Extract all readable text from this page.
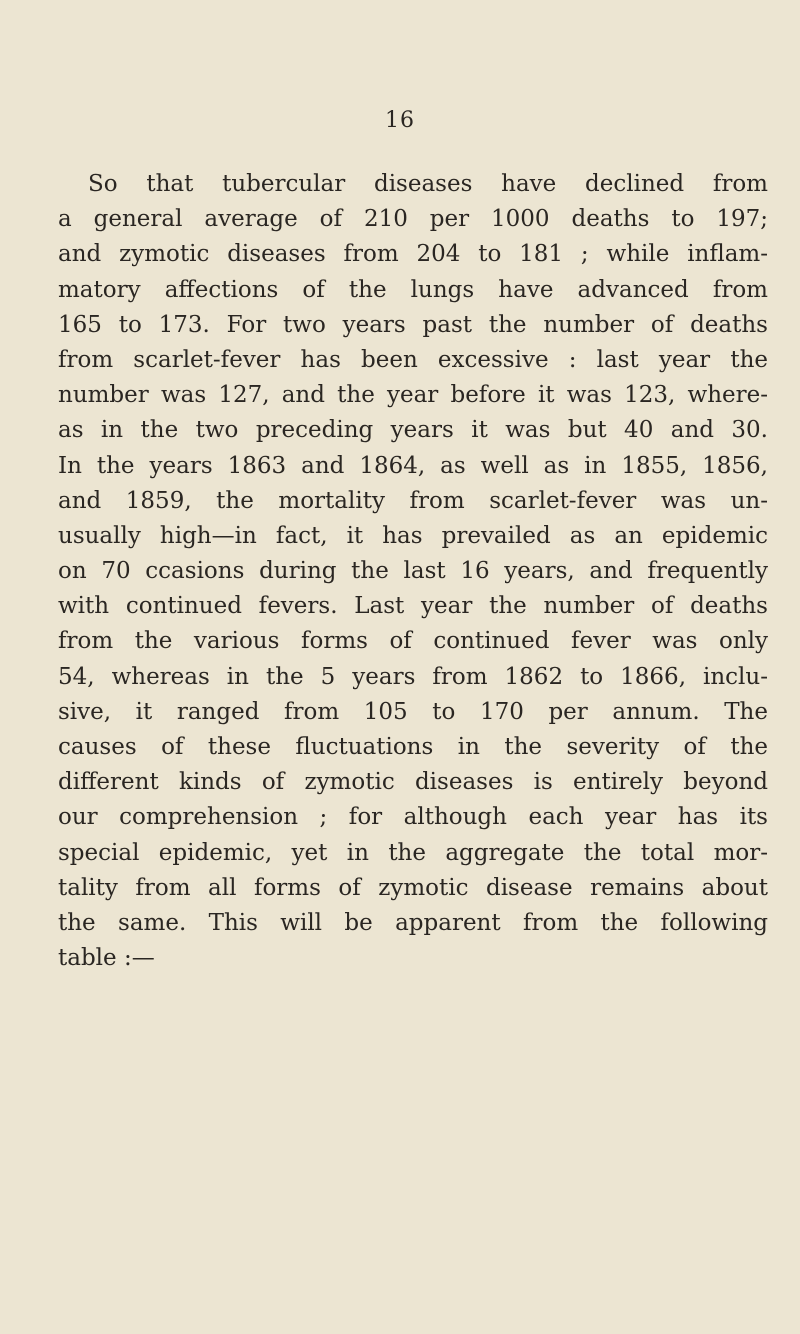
16
So that tubercular diseases have declined from
a general average of 210 per 1000 deaths to 197;
and zymotic diseases from 204 to 181 ; while inflam-
matory affections of the lungs have advanced from
165 to 173. For two years past the number of deaths
from scarlet-fever has been excessive : last year the
number was 127, and the year before it was 123, where-
as in the two preceding years it was but 40 and 30.
In the years 1863 and 1864, as well as in 1855, 1856,
and 1859, the mortality from scarlet-fever was un-
usually high—in fact, it has prevailed as an epidemic
on 70 ccasions during the last 16 years, and frequently
with continued fevers. Last year the number of deaths
from the various forms of continued fever was only
54, whereas in the 5 years from 1862 to 1866, inclu-
sive, it ranged from 105 to 170 per annum. The
causes of these fluctuations in the severity of the
different kinds of zymotic diseases is entirely beyond
our comprehension ; for although each year has its
special epidemic, yet in the aggregate the total mor-
tality from all forms of zymotic disease remains about
the same. This will be apparent from the following
table :—
